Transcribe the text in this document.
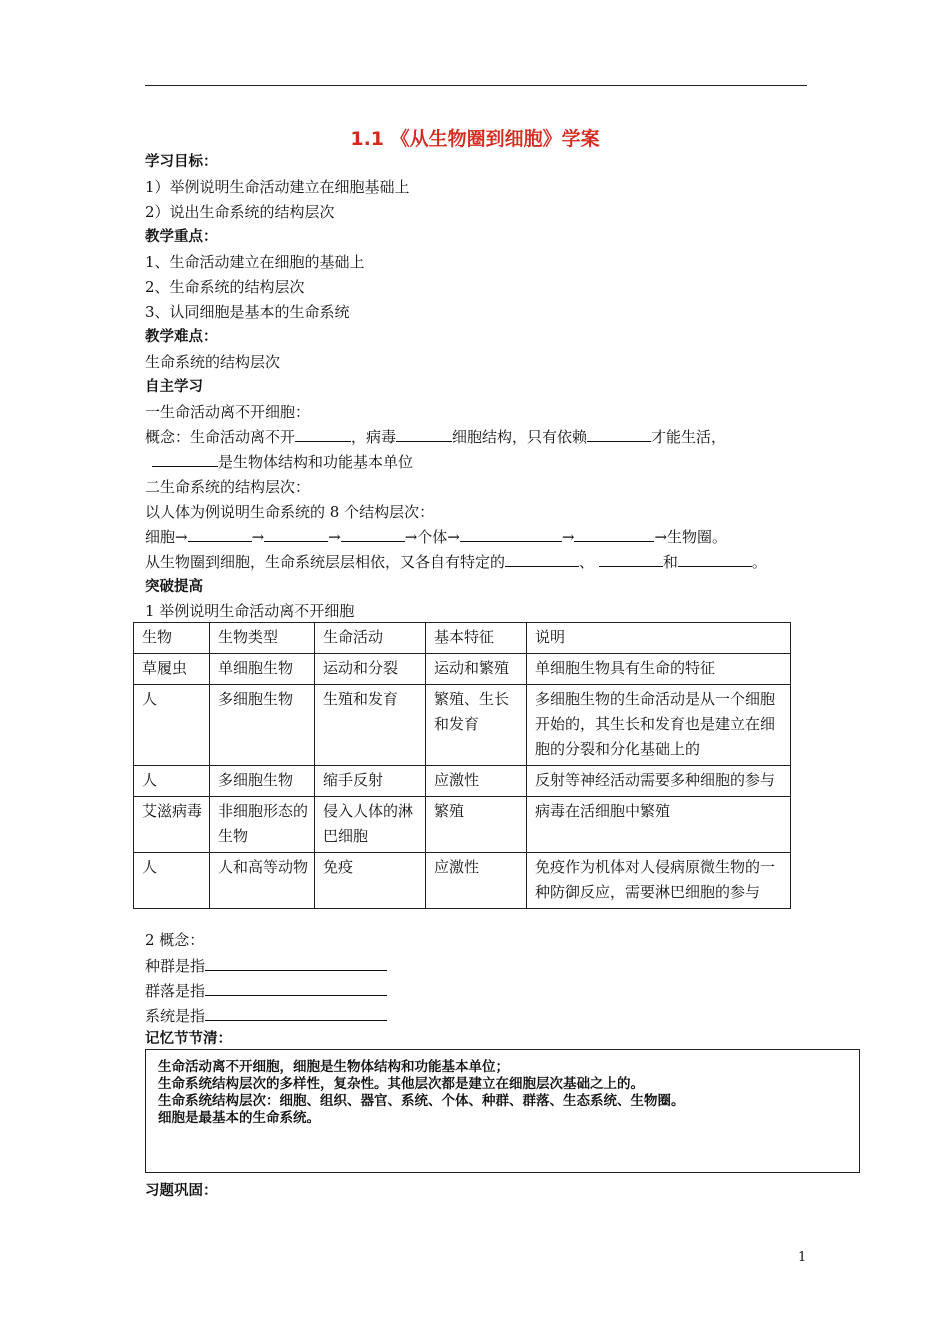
1.1 《从生物圈到细胞》学案
学习目标：
1）举例说明生命活动建立在细胞基础上
2）说出生命系统的结构层次
教学重点：
1、生命活动建立在细胞的基础上
2、生命系统的结构层次
3、认同细胞是基本的生命系统
教学难点：
生命系统的结构层次
自主学习
一生命活动离不开细胞：
概念：生命活动离不开	，病毒	细胞结构，只有依赖	才能生活，
是生物体结构和功能基本单位
二生命系统的结构层次：
以人体为例说明生命系统的 8 个结构层次：
细胞→	→	→	→个体→	→	→生物圈。
从生物圈到细胞，生命系统层层相依，又各自有特定的	、	和	。
突破提高
1 举例说明生命活动离不开细胞
生物	生物类型	生命活动	基本特征	说明
草履虫	单细胞生物	运动和分裂	运动和繁殖	单细胞生物具有生命的特征
人	多细胞生物	生殖和发育	繁殖、生长和发育	多细胞生物的生命活动是从一个细胞开始的，其生长和发育也是建立在细胞的分裂和分化基础上的
人	多细胞生物	缩手反射	应激性	反射等神经活动需要多种细胞的参与
艾滋病毒	非细胞形态的生物	侵入人体的淋巴细胞	繁殖	病毒在活细胞中繁殖
人	人和高等动物	免疫	应激性	免疫作为机体对人侵病原微生物的一种防御反应，需要淋巴细胞的参与
2 概念：
种群是指
群落是指
系统是指
记忆节节清：
生命活动离不开细胞，细胞是生物体结构和功能基本单位；
生命系统结构层次的多样性，复杂性。其他层次都是建立在细胞层次基础之上的。
生命系统结构层次：细胞、组织、器官、系统、个体、种群、群落、生态系统、生物圈。
细胞是最基本的生命系统。
习题巩固：
1
